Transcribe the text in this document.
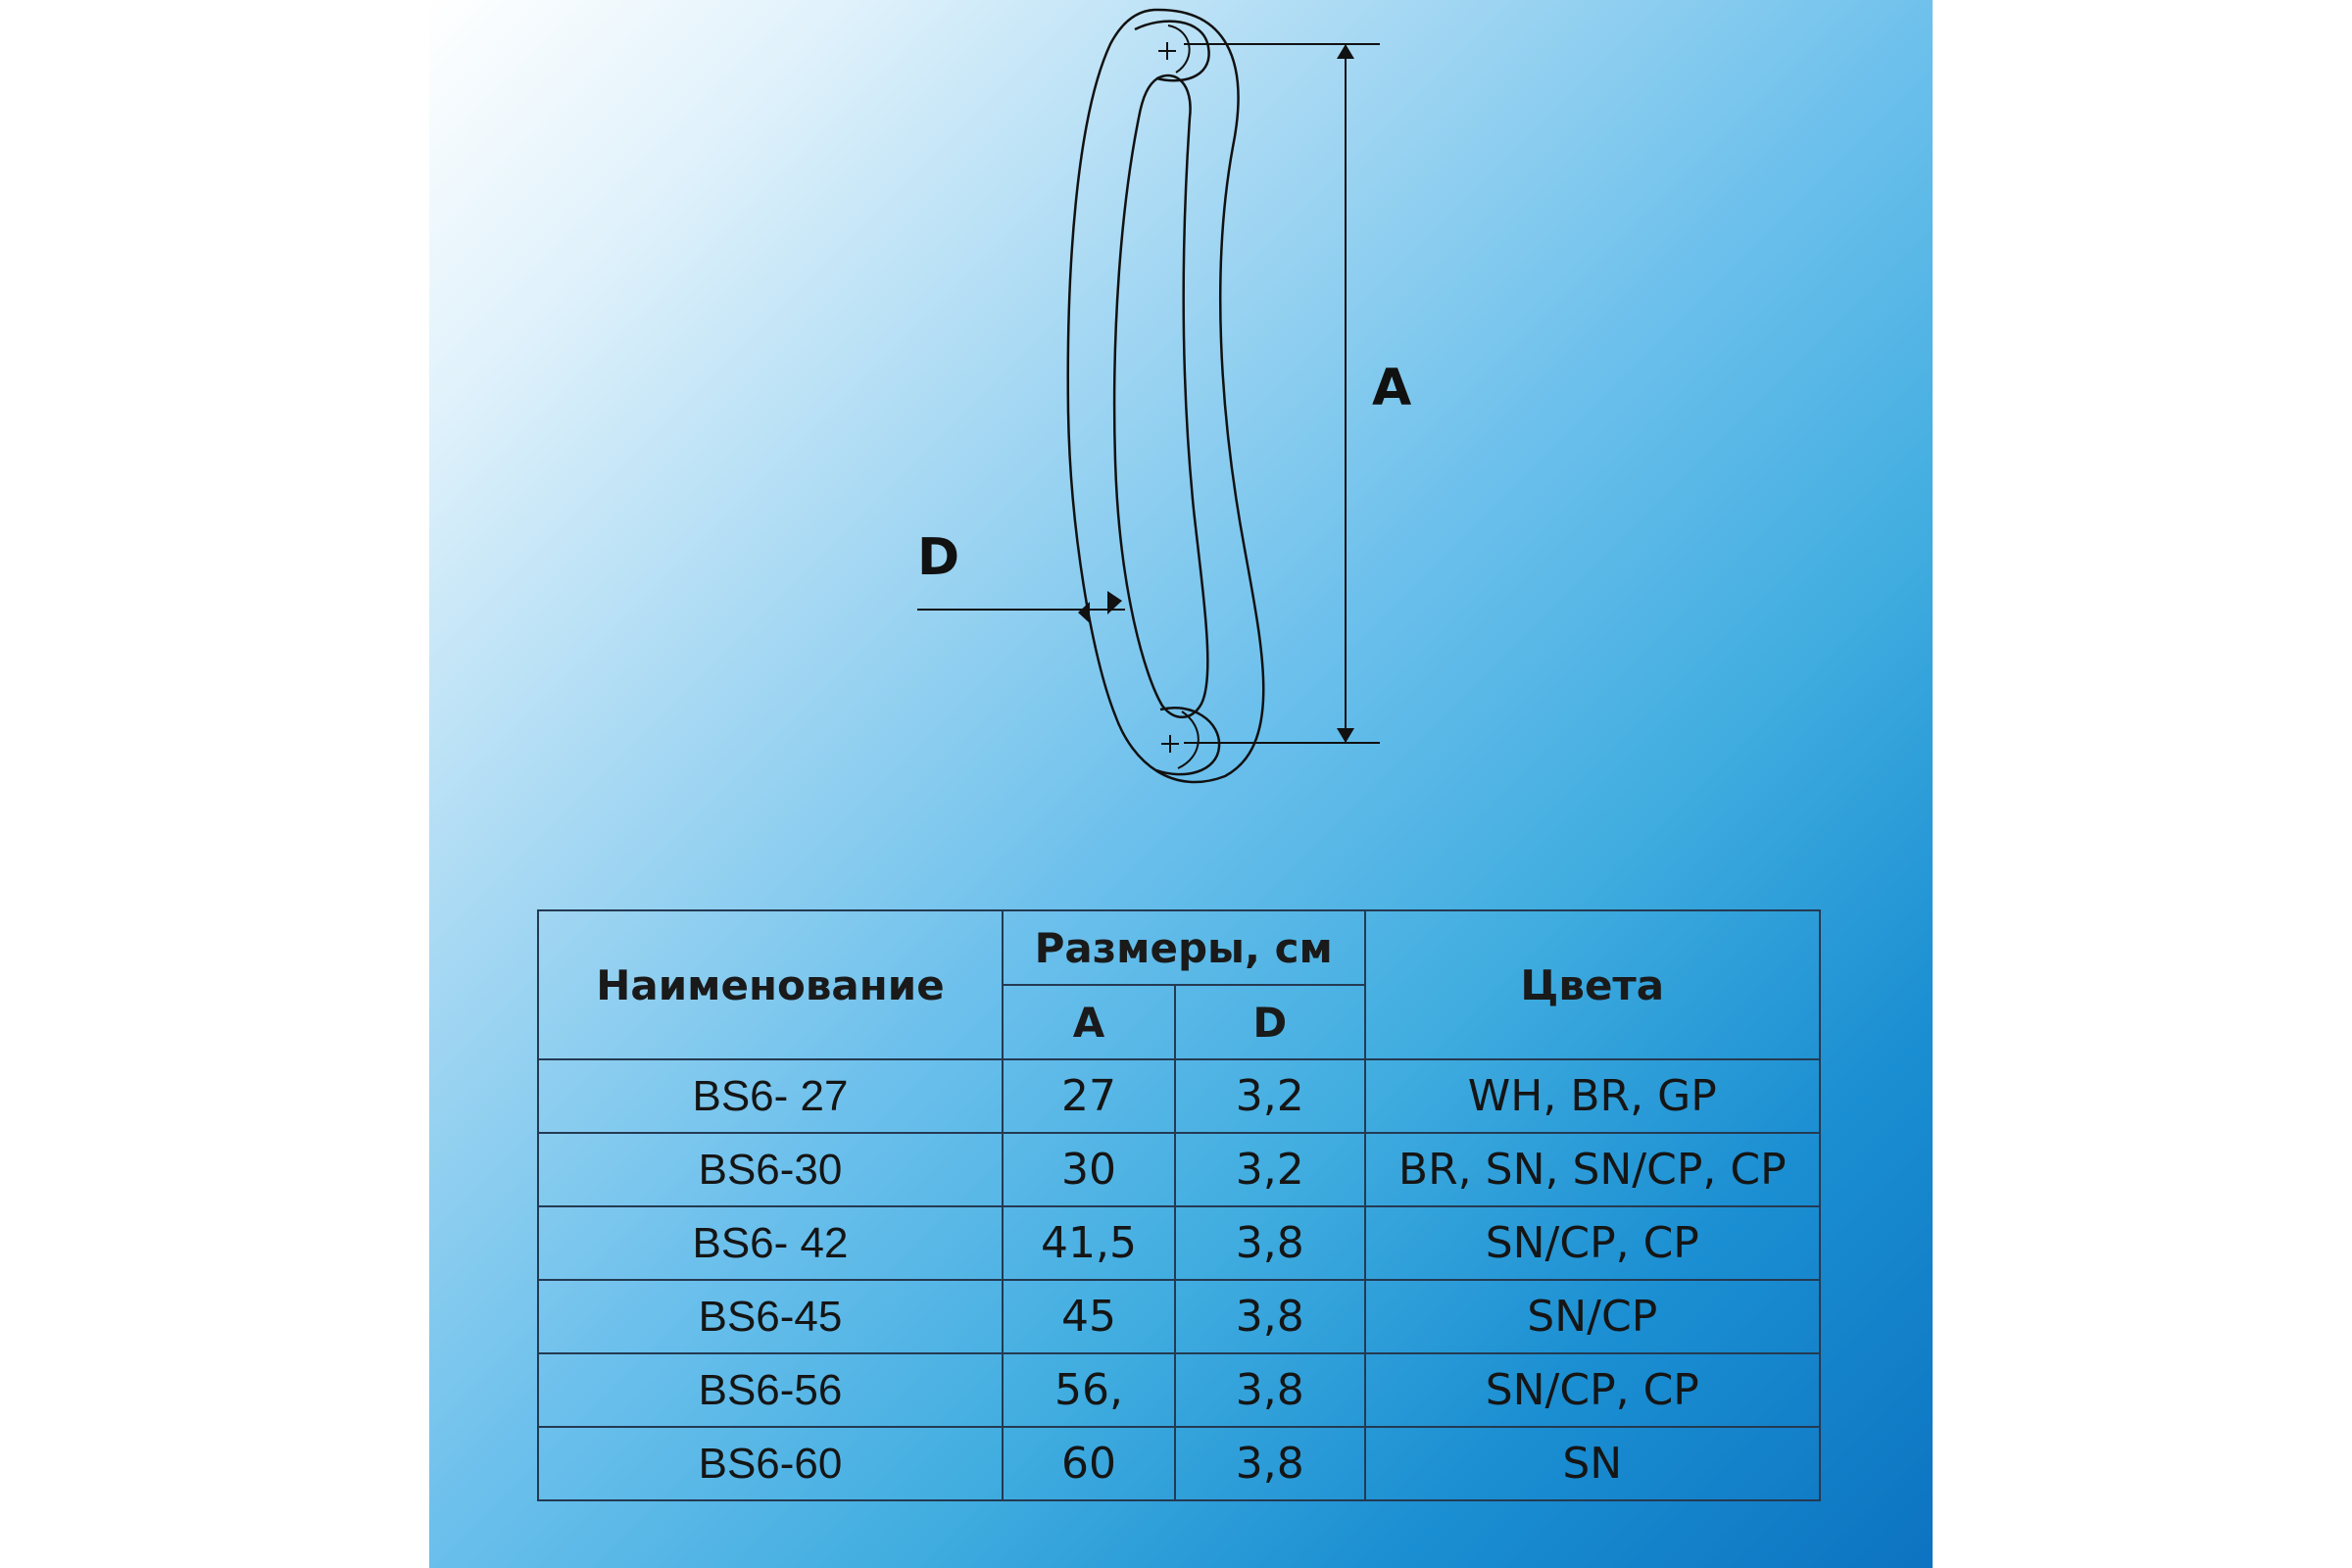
A
D
Наименование	Размеры, см		Цвета
	A	D	
BS6- 27	27	3,2	WH, BR, GP
BS6-30	30	3,2	BR, SN, SN/CP, CP
BS6- 42	41,5	3,8	SN/CP, CP
BS6-45	45	3,8	SN/CP
BS6-56	56,	3,8	SN/CP, CP
BS6-60	60	3,8	SN
